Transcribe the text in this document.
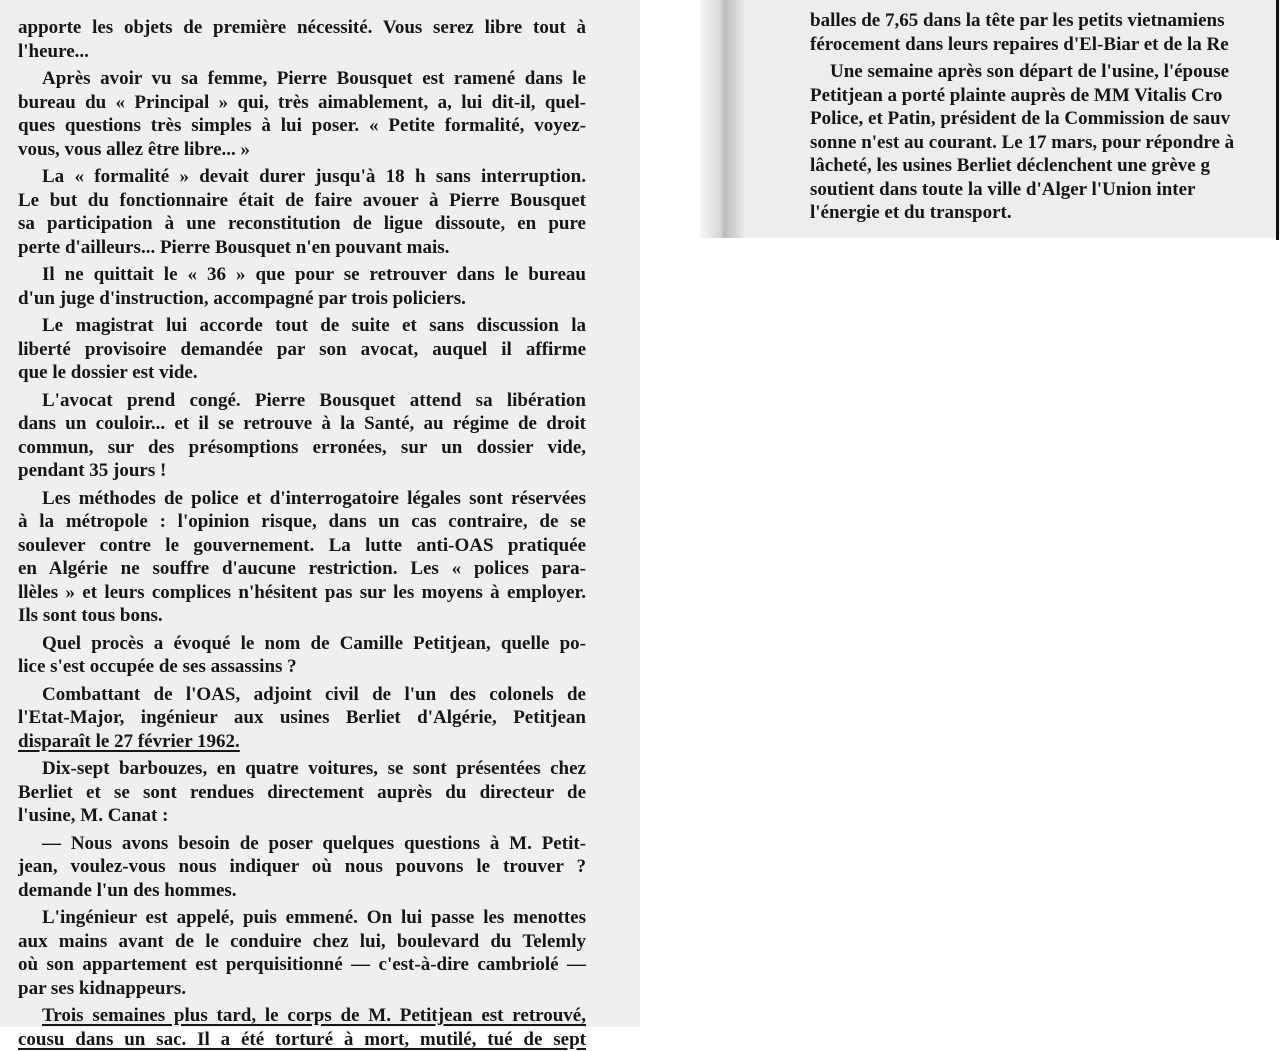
apporte les objets de première nécessité. Vous serez libre tout à
l'heure...
Après avoir vu sa femme, Pierre Bousquet est ramené dans le
bureau du « Principal » qui, très aimablement, a, lui dit-il, quel-
ques questions très simples à lui poser. « Petite formalité, voyez-
vous, vous allez être libre... »
La « formalité » devait durer jusqu'à 18 h sans interruption.
Le but du fonctionnaire était de faire avouer à Pierre Bousquet
sa participation à une reconstitution de ligue dissoute, en pure
perte d'ailleurs... Pierre Bousquet n'en pouvant mais.
Il ne quittait le « 36 » que pour se retrouver dans le bureau
d'un juge d'instruction, accompagné par trois policiers.
Le magistrat lui accorde tout de suite et sans discussion la
liberté provisoire demandée par son avocat, auquel il affirme
que le dossier est vide.
L'avocat prend congé. Pierre Bousquet attend sa libération
dans un couloir... et il se retrouve à la Santé, au régime de droit
commun, sur des présomptions erronées, sur un dossier vide,
pendant 35 jours !
Les méthodes de police et d'interrogatoire légales sont réservées
à la métropole : l'opinion risque, dans un cas contraire, de se
soulever contre le gouvernement. La lutte anti-OAS pratiquée
en Algérie ne souffre d'aucune restriction. Les « polices para-
llèles » et leurs complices n'hésitent pas sur les moyens à employer.
Ils sont tous bons.
Quel procès a évoqué le nom de Camille Petitjean, quelle po-
lice s'est occupée de ses assassins ?
Combattant de l'OAS, adjoint civil de l'un des colonels de
l'Etat-Major, ingénieur aux usines Berliet d'Algérie, Petitjean
disparaît le 27 février 1962.
Dix-sept barbouzes, en quatre voitures, se sont présentées chez
Berliet et se sont rendues directement auprès du directeur de
l'usine, M. Canat :
— Nous avons besoin de poser quelques questions à M. Petit-
jean, voulez-vous nous indiquer où nous pouvons le trouver ?
demande l'un des hommes.
L'ingénieur est appelé, puis emmené. On lui passe les menottes
aux mains avant de le conduire chez lui, boulevard du Telemly
où son appartement est perquisitionné — c'est-à-dire cambriolé —
par ses kidnappeurs.
Trois semaines plus tard, le corps de M. Petitjean est retrouvé,
cousu dans un sac. Il a été torturé à mort, mutilé, tué de sept
balles de 7,65 dans la tête par les petits vietnamiens
férocement dans leurs repaires d'El-Biar et de la Re
Une semaine après son départ de l'usine, l'épouse
Petitjean a porté plainte auprès de MM Vitalis Cro
Police, et Patin, président de la Commission de sauv
sonne n'est au courant. Le 17 mars, pour répondre à
lâcheté, les usines Berliet déclenchent une grève g
soutient dans toute la ville d'Alger l'Union inter
l'énergie et du transport.
